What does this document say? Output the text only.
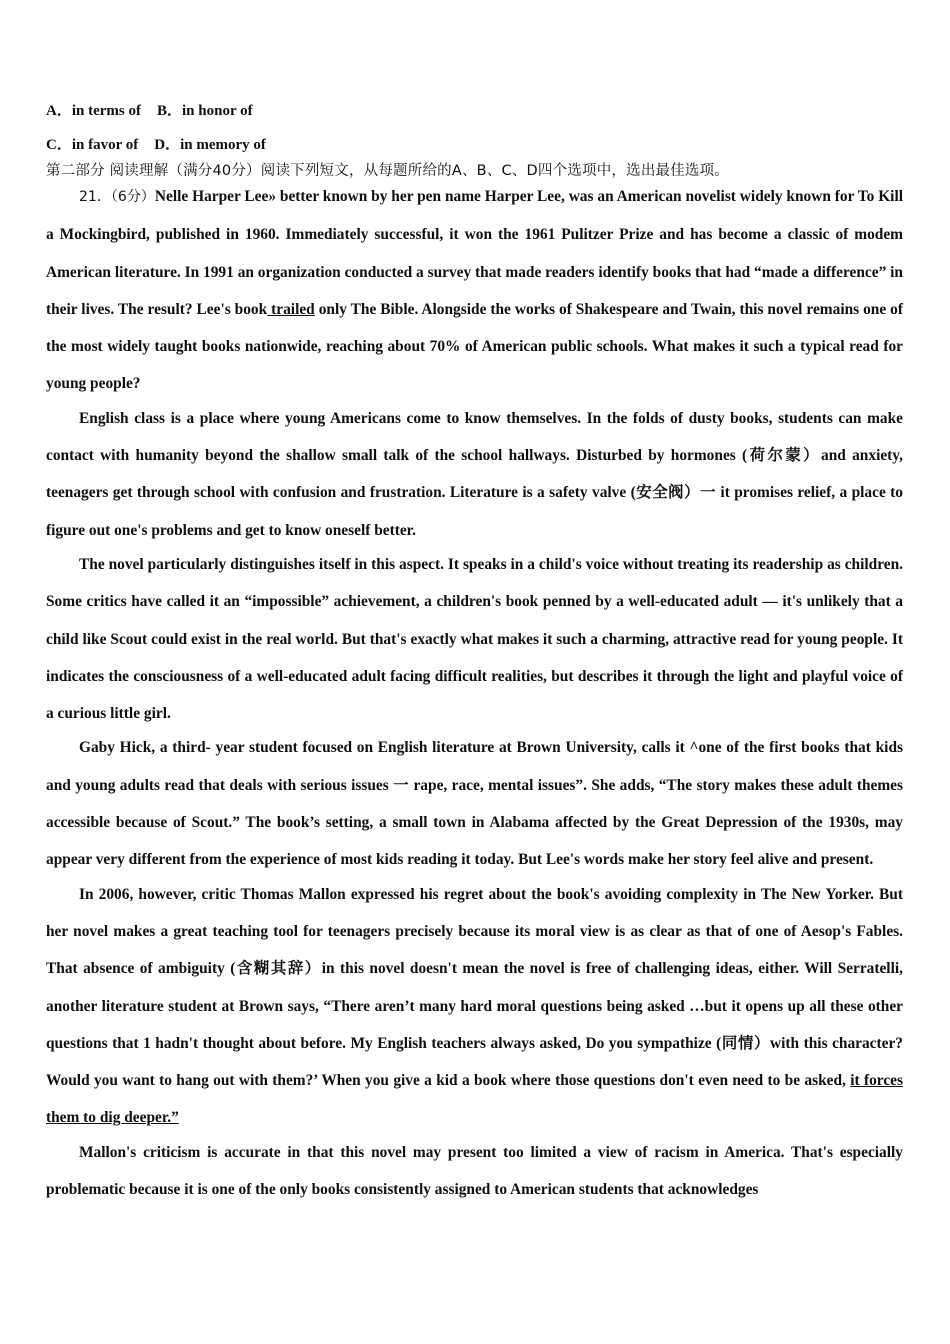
A．in terms of B．in honor of
C．in favor of D．in memory of
第二部分 阅读理解（满分40分）阅读下列短文，从每题所给的A、B、C、D四个选项中，选出最佳选项。

21．（6分）Nelle Harper Lee» better known by her pen name Harper Lee, was an American novelist widely known for To Kill a Mockingbird, published in 1960. Immediately successful, it won the 1961 Pulitzer Prize and has become a classic of modem American literature. In 1991 an organization conducted a survey that made readers identify books that had “made a difference” in their lives. The result? Lee's book trailed only The Bible. Alongside the works of Shakespeare and Twain, this novel remains one of the most widely taught books nationwide, reaching about 70% of American public schools. What makes it such a typical read for young people?

English class is a place where young Americans come to know themselves. In the folds of dusty books, students can make contact with humanity beyond the shallow small talk of the school hallways. Disturbed by hormones (荷尔蒙）and anxiety, teenagers get through school with confusion and frustration. Literature is a safety valve (安全阀）一 it promises relief, a place to figure out one's problems and get to know oneself better.

The novel particularly distinguishes itself in this aspect. It speaks in a child's voice without treating its readership as children. Some critics have called it an “impossible” achievement, a children's book penned by a well-educated adult — it's unlikely that a child like Scout could exist in the real world. But that's exactly what makes it such a charming, attractive read for young people. It indicates the consciousness of a well-educated adult facing difficult realities, but describes it through the light and playful voice of a curious little girl.

Gaby Hick, a third- year student focused on English literature at Brown University, calls it ^one of the first books that kids and young adults read that deals with serious issues 一 rape, race, mental issues”. She adds, “The story makes these adult themes accessible because of Scout.” The book’s setting, a small town in Alabama affected by the Great Depression of the 1930s, may appear very different from the experience of most kids reading it today. But Lee's words make her story feel alive and present.

In 2006, however, critic Thomas Mallon expressed his regret about the book's avoiding complexity in The New Yorker. But her novel makes a great teaching tool for teenagers precisely because its moral view is as clear as that of one of Aesop's Fables. That absence of ambiguity (含糊其辞）in this novel doesn't mean the novel is free of challenging ideas, either. Will Serratelli, another literature student at Brown says, “There aren’t many hard moral questions being asked …but it opens up all these other questions that 1 hadn't thought about before. My English teachers always asked, Do you sympathize (同情）with this character? Would you want to hang out with them?’ When you give a kid a book where those questions don't even need to be asked, it forces them to dig deeper.”

Mallon's criticism is accurate in that this novel may present too limited a view of racism in America. That's especially problematic because it is one of the only books consistently assigned to American students that acknowledges
